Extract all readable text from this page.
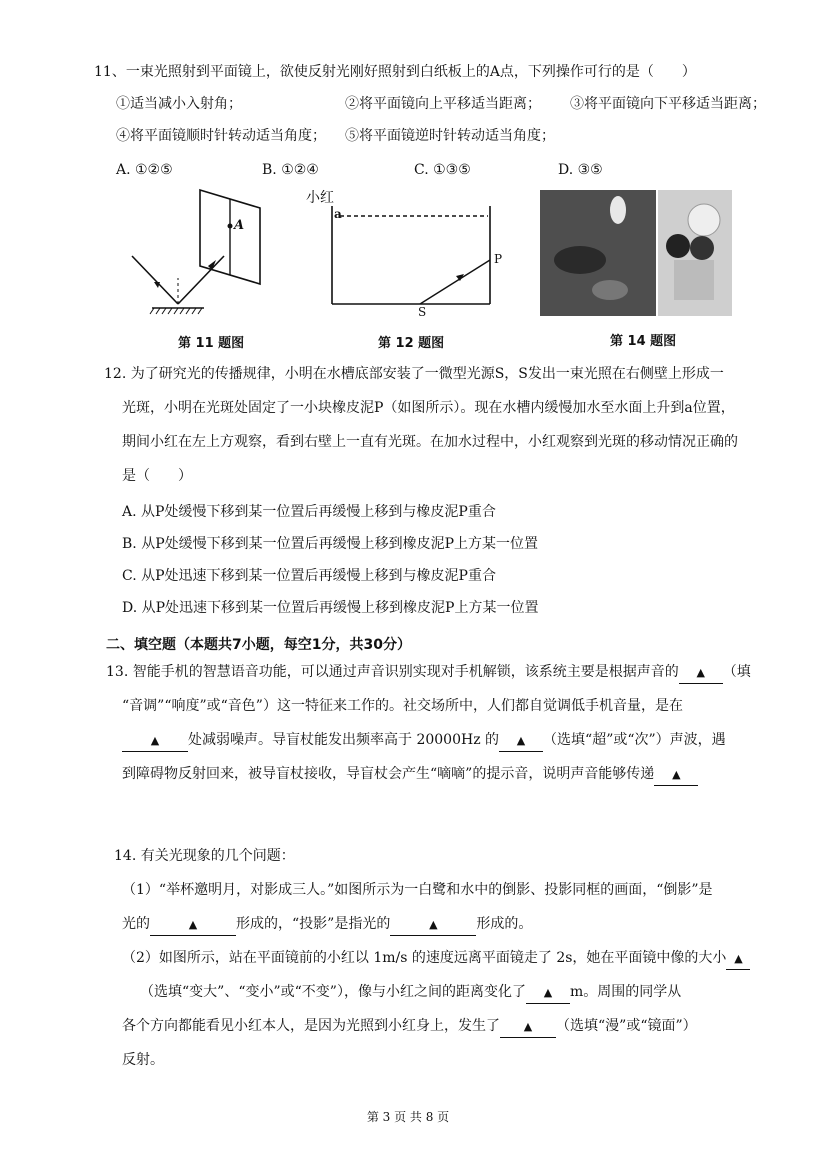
11、一束光照射到平面镜上，欲使反射光刚好照射到白纸板上的A点，下列操作可行的是（　　）
①适当减小入射角；	②将平面镜向上平移适当距离； ③将平面镜向下平移适当距离；
④将平面镜顺时针转动适当角度； ⑤将平面镜逆时针转动适当角度；
A. ①②⑤	B. ①②④	C. ①③⑤	D. ③⑤
A
第 11 题图
小红
a
P
S
第 12 题图	第 14 题图
12. 为了研究光的传播规律，小明在水槽底部安装了一微型光源S，S发出一束光照在右侧壁上形成一
光斑，小明在光斑处固定了一小块橡皮泥P（如图所示）。现在水槽内缓慢加水至水面上升到a位置，
期间小红在左上方观察，看到右壁上一直有光斑。在加水过程中，小红观察到光斑的移动情况正确的
是（　　）
A. 从P处缓慢下移到某一位置后再缓慢上移到与橡皮泥P重合
B. 从P处缓慢下移到某一位置后再缓慢上移到橡皮泥P上方某一位置
C. 从P处迅速下移到某一位置后再缓慢上移到与橡皮泥P重合
D. 从P处迅速下移到某一位置后再缓慢上移到橡皮泥P上方某一位置
二、填空题（本题共7小题，每空1分，共30分）
13. 智能手机的智慧语音功能，可以通过声音识别实现对手机解锁，该系统主要是根据声音的 ▲ （填
“音调”“响度”或“音色”）这一特征来工作的。社交场所中，人们都自觉调低手机音量，是在
▲ 处减弱噪声。导盲杖能发出频率高于 20000Hz 的 ▲ （选填“超”或“次”）声波，遇
到障碍物反射回来，被导盲杖接收，导盲杖会产生“嘀嘀”的提示音，说明声音能够传递 ▲
14. 有关光现象的几个问题：
（1）“举杯邀明月，对影成三人。”如图所示为一白鹭和水中的倒影、投影同框的画面，“倒影”是
光的	▲	形成的，“投影”是指光的	▲	形成的。
（2）如图所示，站在平面镜前的小红以 1m/s 的速度远离平面镜走了 2s，她在平面镜中像的大小 ▲
（选填“变大”、“变小”或“不变”），像与小红之间的距离变化了 ▲ m。周围的同学从
各个方向都能看见小红本人，是因为光照到小红身上，发生了 ▲ （选填“漫”或“镜面”）
反射。
第 3 页 共 8 页
